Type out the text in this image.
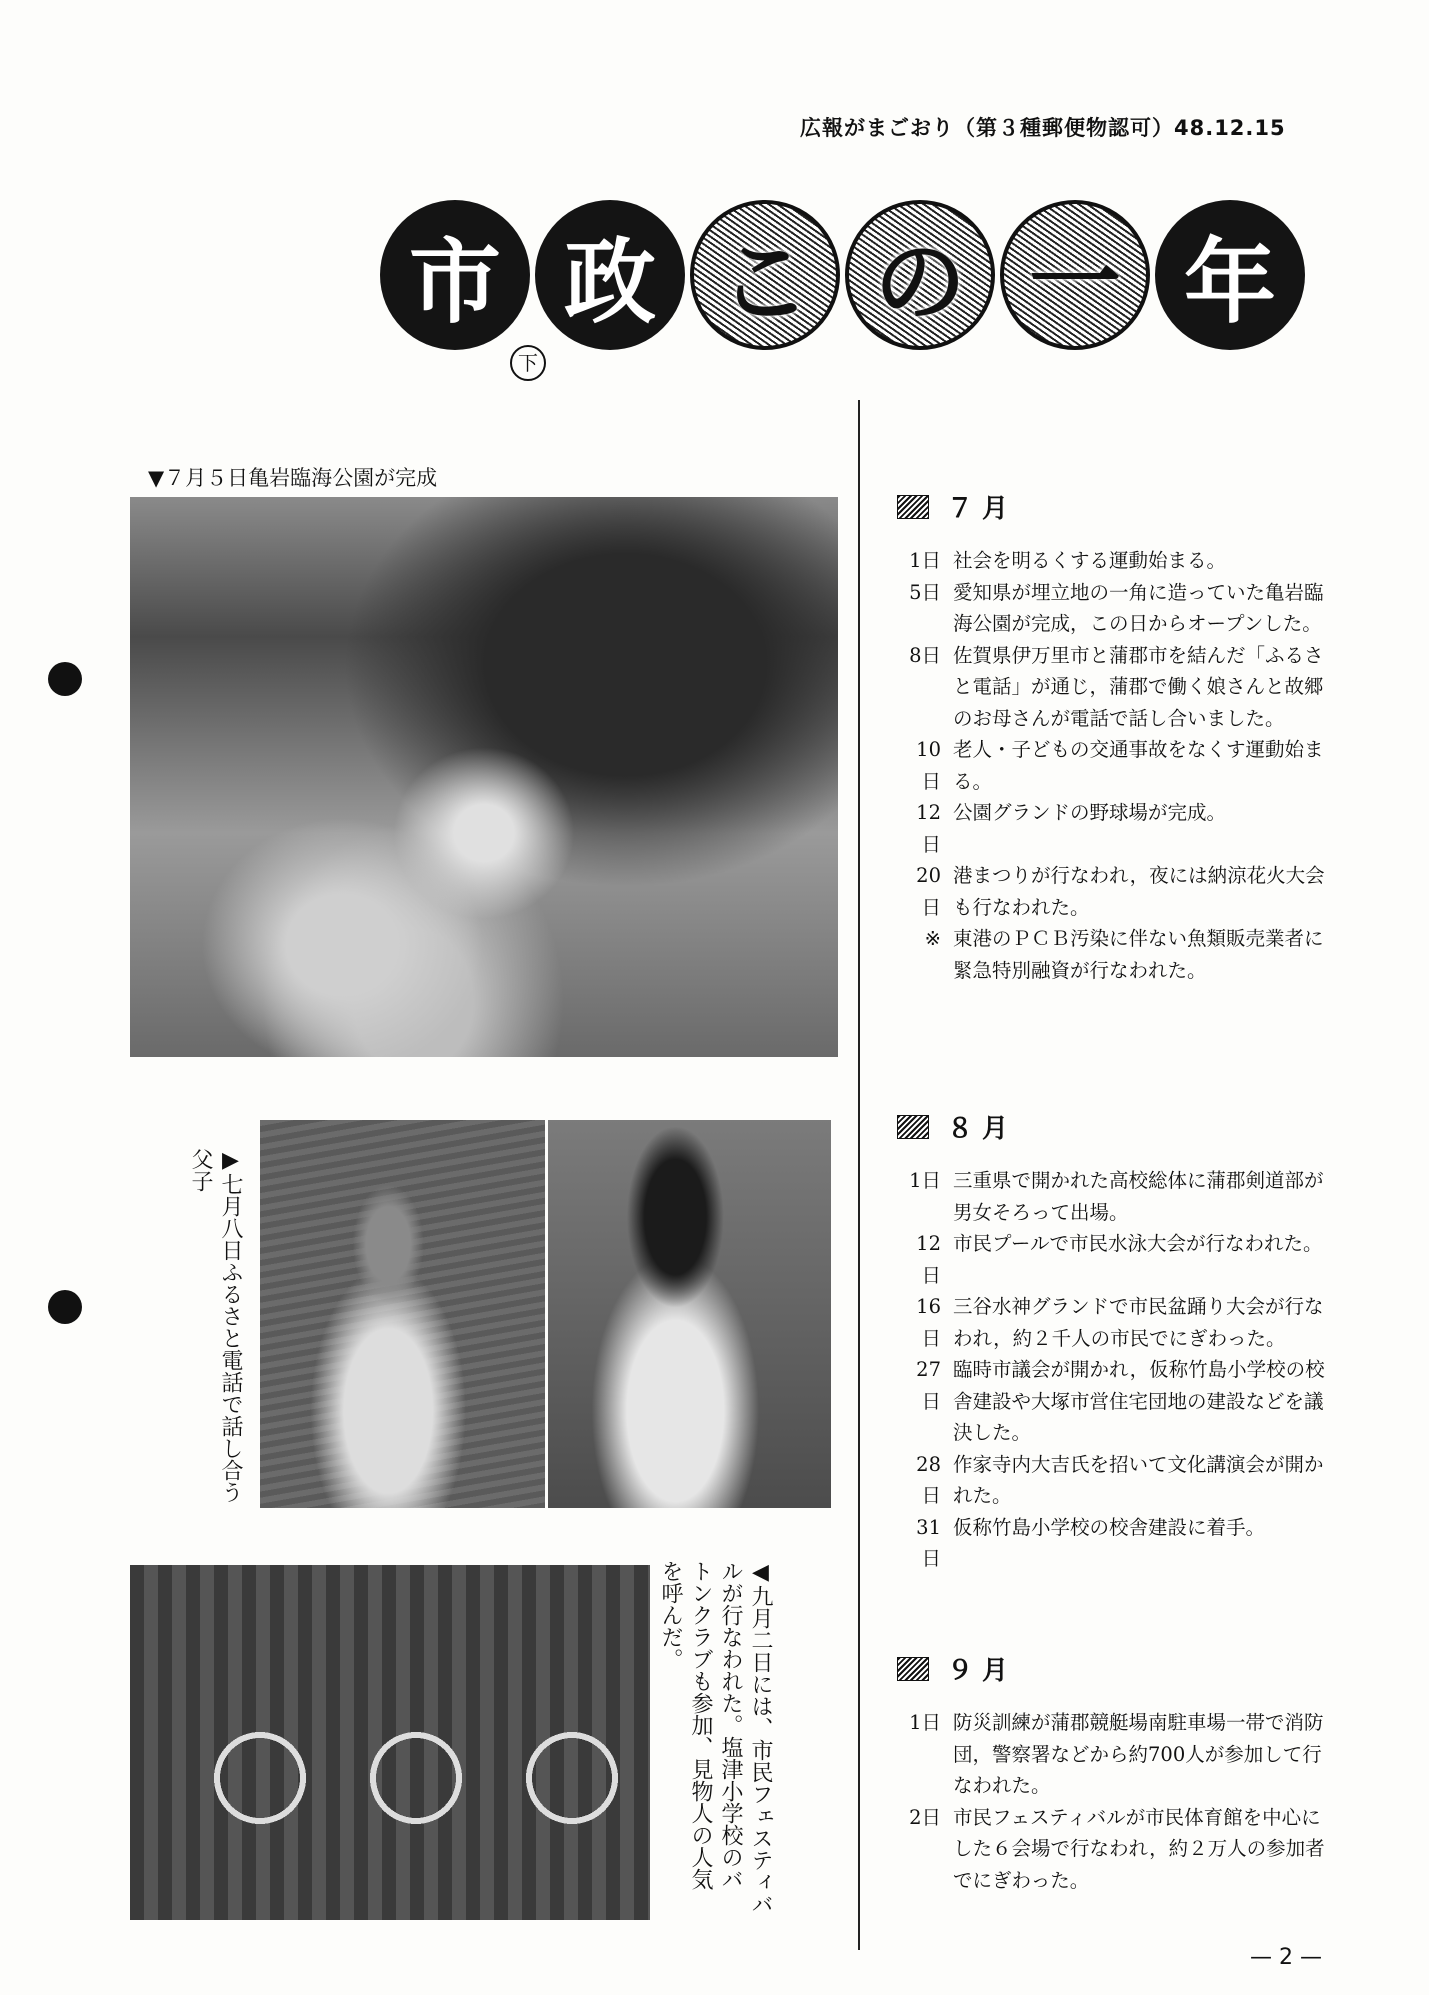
広報がまごおり（第３種郵便物認可）48.12.15
市 政 こ の 一 年
下
▼７月５日亀岩臨海公園が完成
▶七月八日ふるさと電話で話し合う
父子
◀九月二日には、市民フェスティバ
ルが行なわれた。塩津小学校のバ
トンクラブも参加、見物人の人気
を呼んだ。
７ 月
1日 社会を明るくする運動始まる。
5日 愛知県が埋立地の一角に造っていた亀岩臨海公園が完成，この日からオープンした。
8日 佐賀県伊万里市と蒲郡市を結んだ「ふるさと電話」が通じ，蒲郡で働く娘さんと故郷のお母さんが電話で話し合いました。
10日
老人・子どもの交通事故をなくす運動始まる。
12日
公園グランドの野球場が完成。
20日
港まつりが行なわれ，夜には納涼花火大会も行なわれた。
※ 東港のＰＣＢ汚染に伴ない魚類販売業者に緊急特別融資が行なわれた。
８ 月
1日 三重県で開かれた高校総体に蒲郡剣道部が男女そろって出場。
12日
市民プールで市民水泳大会が行なわれた。
16日
三谷水神グランドで市民盆踊り大会が行なわれ，約２千人の市民でにぎわった。
27日
臨時市議会が開かれ，仮称竹島小学校の校舎建設や大塚市営住宅団地の建設などを議決した。
28日
作家寺内大吉氏を招いて文化講演会が開かれた。
31日
仮称竹島小学校の校舎建設に着手。
９ 月
1日 防災訓練が蒲郡競艇場南駐車場一帯で消防団，警察署などから約700人が参加して行なわれた。
2日 市民フェスティバルが市民体育館を中心にした６会場で行なわれ，約２万人の参加者でにぎわった。
— 2 —
